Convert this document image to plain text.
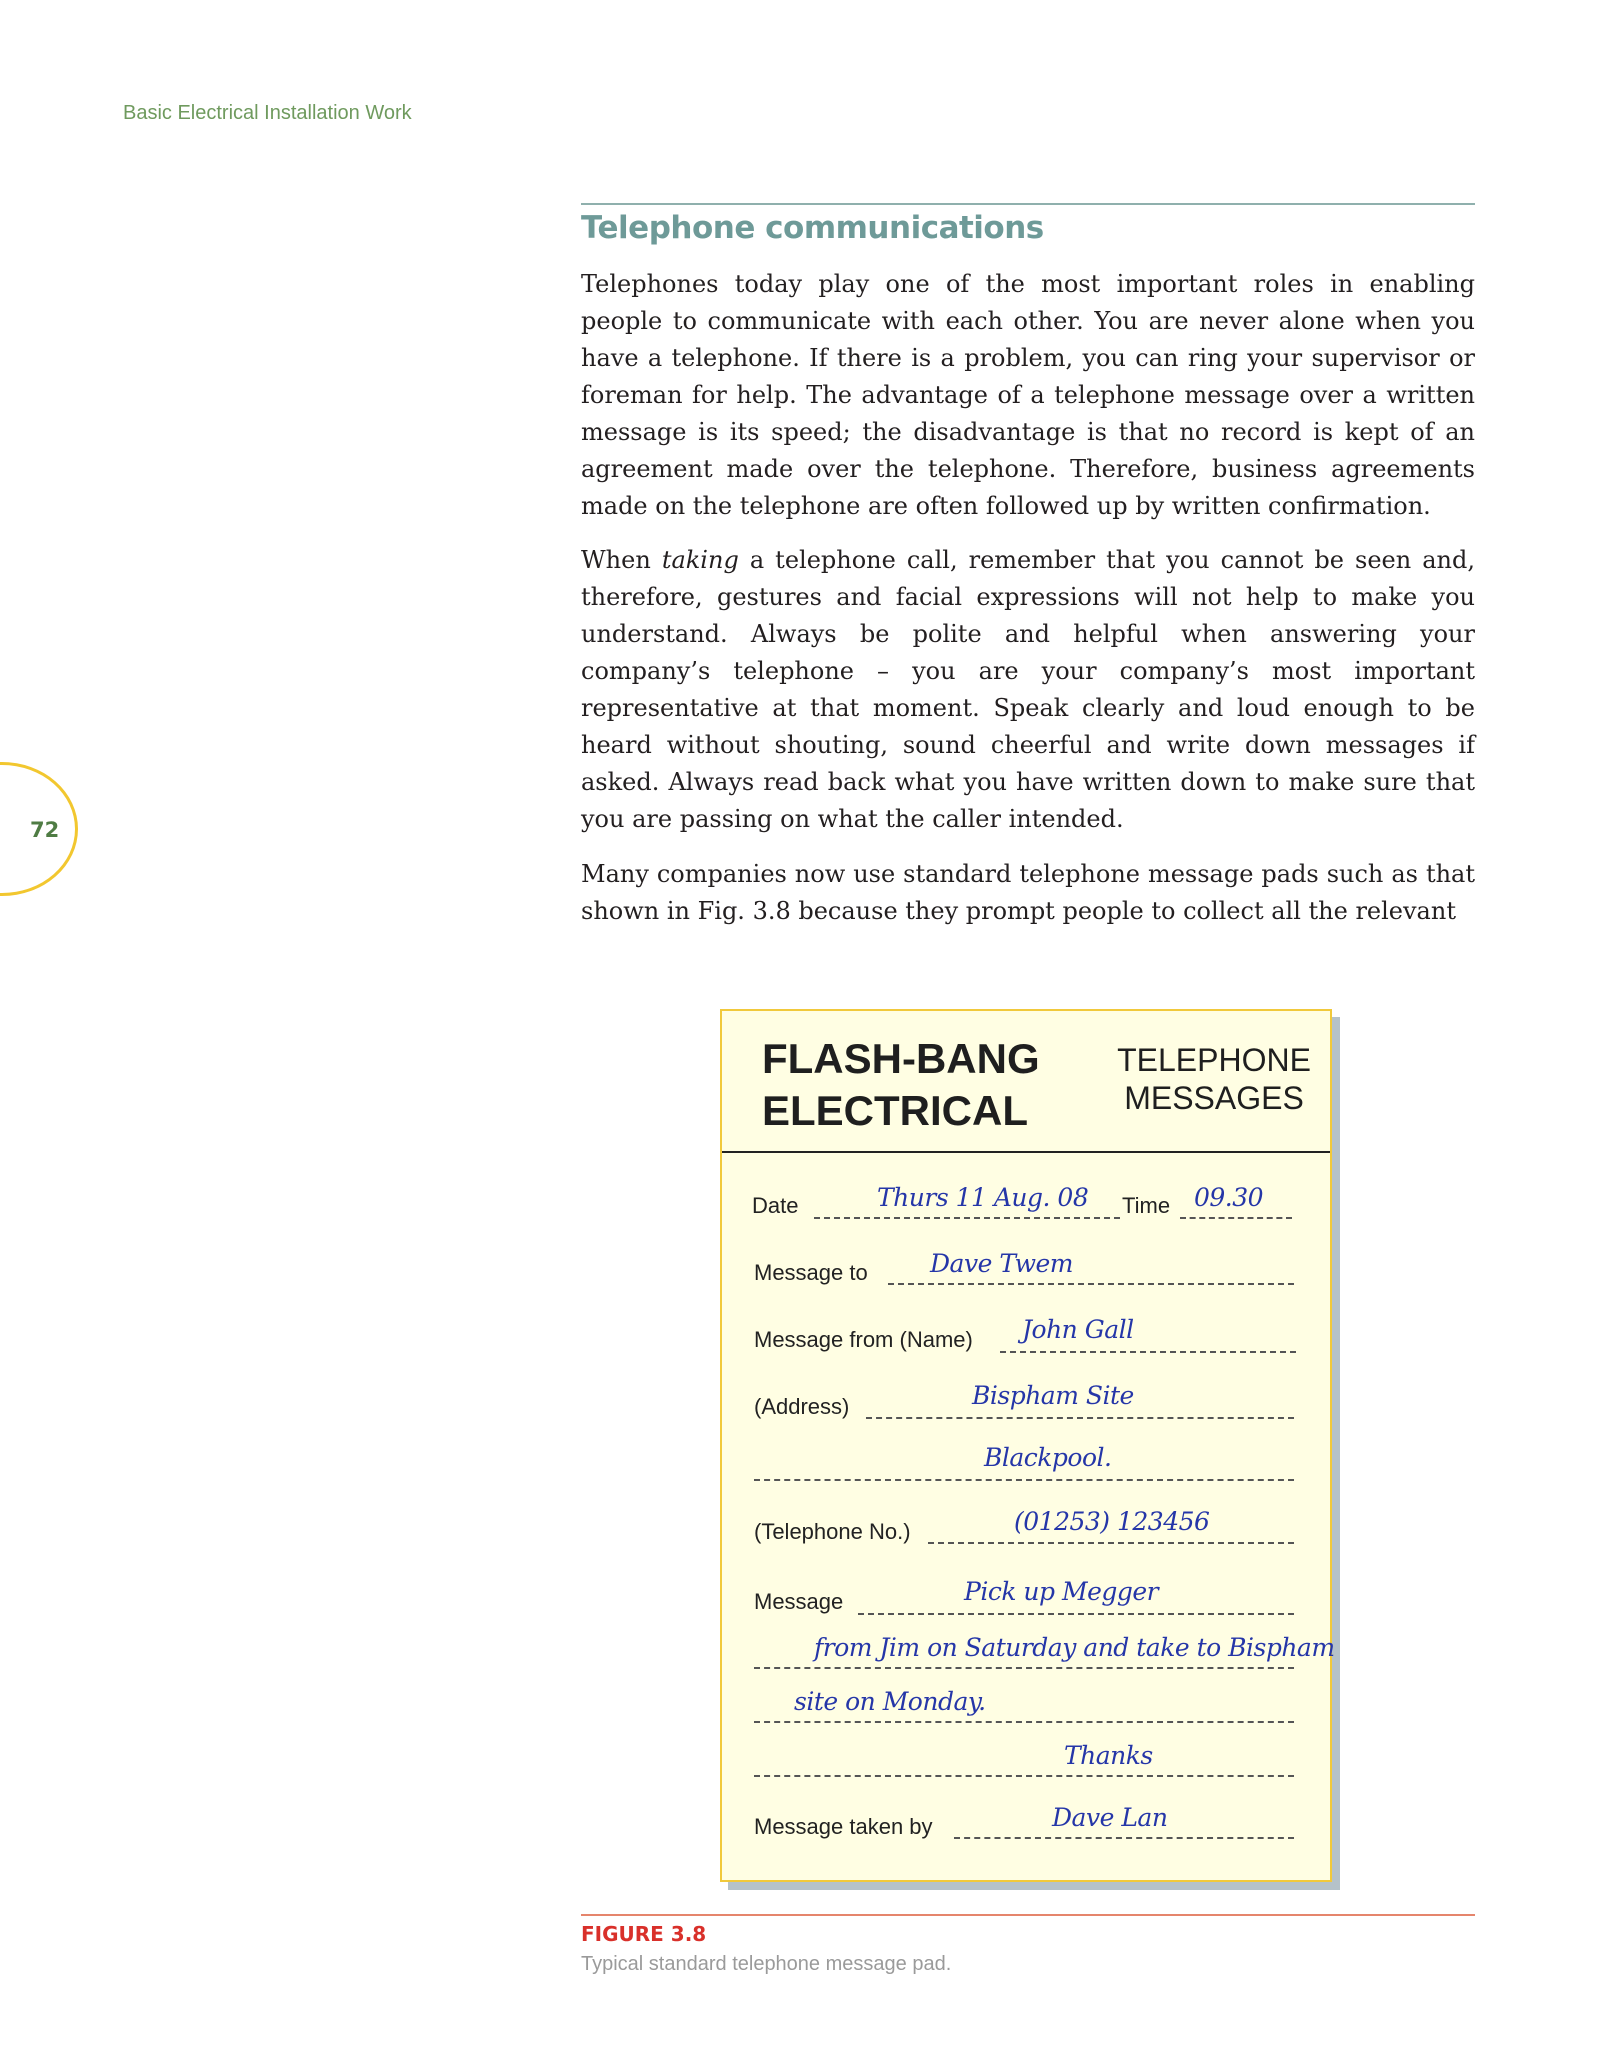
Basic Electrical Installation Work
72
Telephone communications

Telephones today play one of the most important roles in enabling people to communicate with each other. You are never alone when you have a telephone. If there is a problem, you can ring your supervisor or foreman for help. The advantage of a telephone message over a written message is its speed; the disadvantage is that no record is kept of an agreement made over the telephone. Therefore, business agreements made on the telephone are often followed up by written confirmation.

When taking a telephone call, remember that you cannot be seen and, therefore, gestures and facial expressions will not help to make you understand. Always be polite and helpful when answering your company’s telephone – you are your company’s most important representative at that moment. Speak clearly and loud enough to be heard without shouting, sound cheerful and write down messages if asked. Always read back what you have written down to make sure that you are passing on what the caller intended.

Many companies now use standard telephone message pads such as that shown in Fig. 3.8 because they prompt people to collect all the relevant

FLASH-BANG
ELECTRICAL
TELEPHONE
MESSAGES
Date	Thurs 11 Aug. 08 Time 09.30
Message to Dave Twem
Message from (Name) John Gall
(Address)	Bispham Site
Blackpool.
(Telephone No.)	(01253) 123456
Message	Pick up Megger
from Jim on Saturday and take to Bispham
site on Monday.
Thanks
Message taken by	Dave Lan
FIGURE 3.8
Typical standard telephone message pad.
